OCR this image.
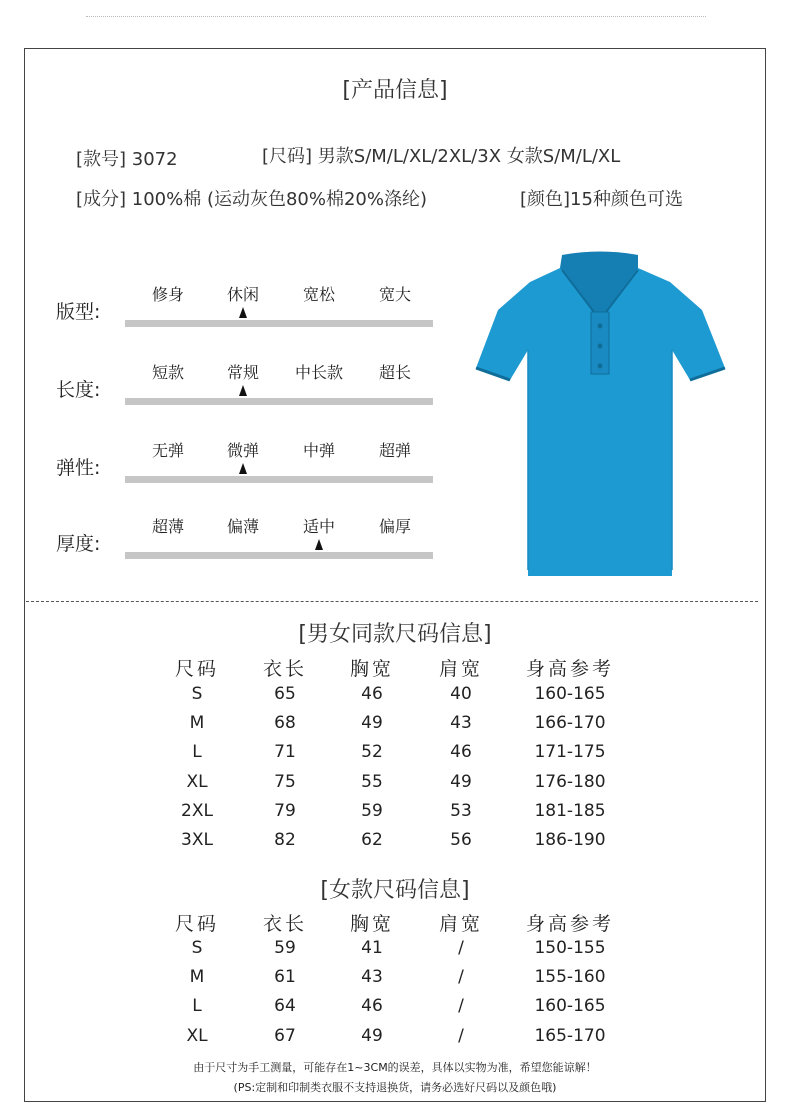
[产品信息]
[款号] 3072	[尺码] 男款S/M/L/XL/2XL/3X 女款S/M/L/XL
[成分] 100%棉 (运动灰色80%棉20%涤纶)	[颜色]15种颜色可选
版型:
修身	休闲	宽松	宽大
长度:
短款	常规	中长款	超长
弹性:
无弹	微弹	中弹	超弹
厚度:
超薄	偏薄	适中	偏厚
[男女同款尺码信息]
尺码	衣长	胸宽	肩宽	身高参考
S	65	46	40	160-165
M	68	49	43	166-170
L	71	52	46	171-175
XL	75	55	49	176-180
2XL	79	59	53	181-185
3XL	82	62	56	186-190
[女款尺码信息]
尺码	衣长	胸宽	肩宽	身高参考
S	59	41	/	150-155
M	61	43	/	155-160
L	64	46	/	160-165
XL	67	49	/	165-170
由于尺寸为手工测量，可能存在1~3CM的误差，具体以实物为准，希望您能谅解！
(PS:定制和印制类衣服不支持退换货，请务必选好尺码以及颜色哦)
